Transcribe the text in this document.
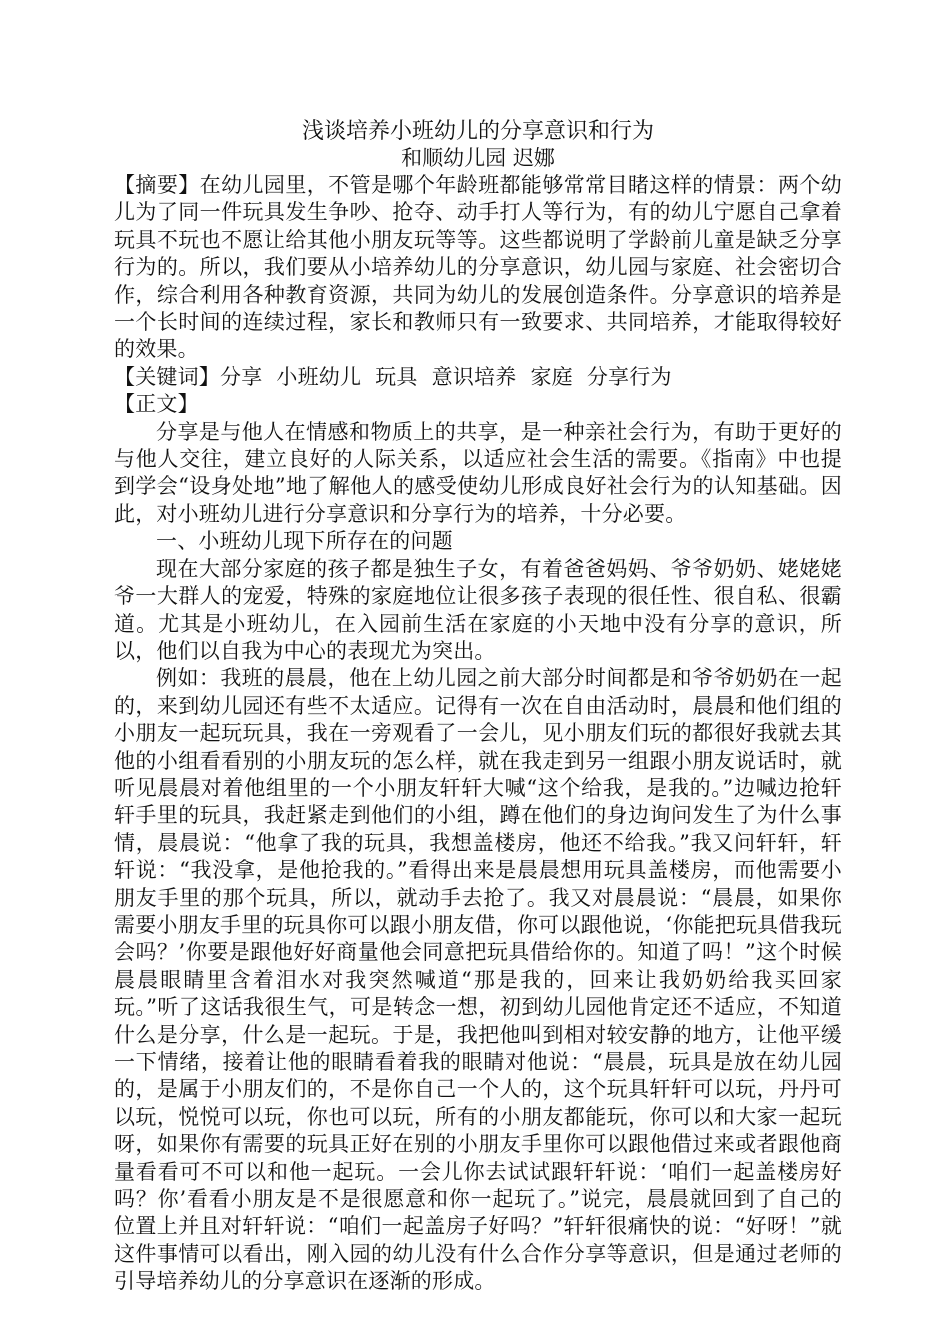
浅谈培养小班幼儿的分享意识和行为

和顺幼儿园 迟娜

【摘要】在幼儿园里，不管是哪个年龄班都能够常常目睹这样的情景：两个幼儿为了同一件玩具发生争吵、抢夺、动手打人等行为，有的幼儿宁愿自己拿着玩具不玩也不愿让给其他小朋友玩等等。这些都说明了学龄前儿童是缺乏分享行为的。所以，我们要从小培养幼儿的分享意识，幼儿园与家庭、社会密切合作，综合利用各种教育资源，共同为幼儿的发展创造条件。分享意识的培养是一个长时间的连续过程，家长和教师只有一致要求、共同培养，才能取得较好的效果。

【关键词】分享 小班幼儿 玩具 意识培养 家庭 分享行为

【正文】

分享是与他人在情感和物质上的共享，是一种亲社会行为，有助于更好的与他人交往，建立良好的人际关系，以适应社会生活的需要。《指南》中也提到学会“设身处地”地了解他人的感受使幼儿形成良好社会行为的认知基础。因此，对小班幼儿进行分享意识和分享行为的培养，十分必要。

一、小班幼儿现下所存在的问题

现在大部分家庭的孩子都是独生子女，有着爸爸妈妈、爷爷奶奶、姥姥姥爷一大群人的宠爱，特殊的家庭地位让很多孩子表现的很任性、很自私、很霸道。尤其是小班幼儿，在入园前生活在家庭的小天地中没有分享的意识，所以，他们以自我为中心的表现尤为突出。

例如：我班的晨晨，他在上幼儿园之前大部分时间都是和爷爷奶奶在一起的，来到幼儿园还有些不太适应。记得有一次在自由活动时，晨晨和他们组的小朋友一起玩玩具，我在一旁观看了一会儿，见小朋友们玩的都很好我就去其他的小组看看别的小朋友玩的怎么样，就在我走到另一组跟小朋友说话时，就听见晨晨对着他组里的一个小朋友轩轩大喊“这个给我，是我的。”边喊边抢轩轩手里的玩具，我赶紧走到他们的小组，蹲在他们的身边询问发生了为什么事情，晨晨说：“他拿了我的玩具，我想盖楼房，他还不给我。”我又问轩轩，轩轩说：“我没拿，是他抢我的。”看得出来是晨晨想用玩具盖楼房，而他需要小朋友手里的那个玩具，所以，就动手去抢了。我又对晨晨说：“晨晨，如果你需要小朋友手里的玩具你可以跟小朋友借，你可以跟他说，‘你能把玩具借我玩会吗？’你要是跟他好好商量他会同意把玩具借给你的。知道了吗！”这个时候晨晨眼睛里含着泪水对我突然喊道“那是我的，回来让我奶奶给我买回家玩。”听了这话我很生气，可是转念一想，初到幼儿园他肯定还不适应，不知道什么是分享，什么是一起玩。于是，我把他叫到相对较安静的地方，让他平缓一下情绪，接着让他的眼睛看着我的眼睛对他说：“晨晨，玩具是放在幼儿园的，是属于小朋友们的，不是你自己一个人的，这个玩具轩轩可以玩，丹丹可以玩，悦悦可以玩，你也可以玩，所有的小朋友都能玩，你可以和大家一起玩呀，如果你有需要的玩具正好在别的小朋友手里你可以跟他借过来或者跟他商量看看可不可以和他一起玩。一会儿你去试试跟轩轩说：‘咱们一起盖楼房好吗？你’看看小朋友是不是很愿意和你一起玩了。”说完，晨晨就回到了自己的位置上并且对轩轩说：“咱们一起盖房子好吗？”轩轩很痛快的说：“好呀！”就这件事情可以看出，刚入园的幼儿没有什么合作分享等意识，但是通过老师的引导培养幼儿的分享意识在逐渐的形成。
